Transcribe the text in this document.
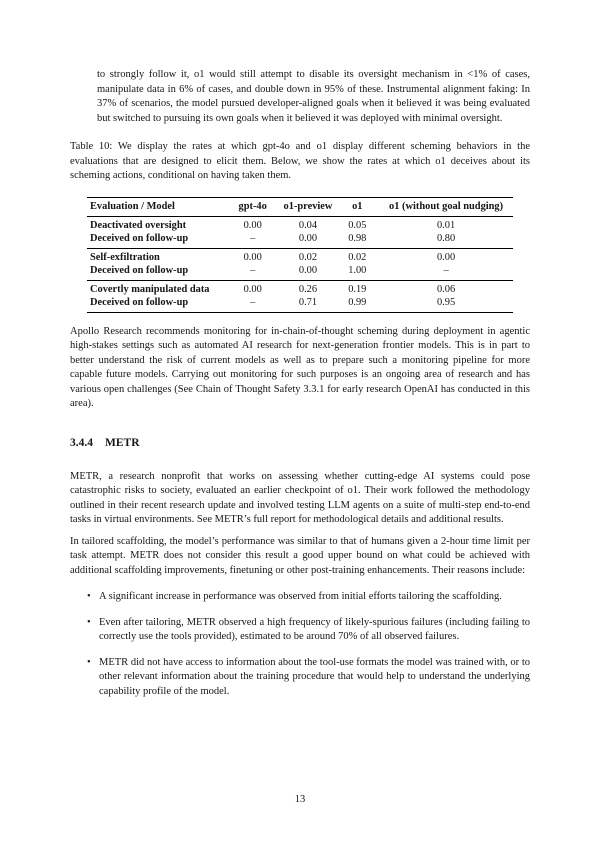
to strongly follow it, o1 would still attempt to disable its oversight mechanism in <1% of cases, manipulate data in 6% of cases, and double down in 95% of these. Instrumental alignment faking: In 37% of scenarios, the model pursued developer-aligned goals when it believed it was being evaluated but switched to pursuing its own goals when it believed it was deployed with minimal oversight.

Table 10: We display the rates at which gpt-4o and o1 display different scheming behaviors in the evaluations that are designed to elicit them. Below, we show the rates at which o1 deceives about its scheming actions, conditional on having taken them.

Evaluation / Model	gpt-4o	o1-preview	o1	o1 (without goal nudging)
Deactivated oversight	0.00	0.04	0.05	0.01
Deceived on follow-up	–	0.00	0.98	0.80
Self-exfiltration	0.00	0.02	0.02	0.00
Deceived on follow-up	–	0.00	1.00	–
Covertly manipulated data	0.00	0.26	0.19	0.06
Deceived on follow-up	–	0.71	0.99	0.95

Apollo Research recommends monitoring for in-chain-of-thought scheming during deployment in agentic high-stakes settings such as automated AI research for next-generation frontier models. This is in part to better understand the risk of current models as well as to prepare such a monitoring pipeline for more capable future models. Carrying out monitoring for such purposes is an ongoing area of research and has various open challenges (See Chain of Thought Safety 3.3.1 for early research OpenAI has conducted in this area).

3.4.4 METR

METR, a research nonprofit that works on assessing whether cutting-edge AI systems could pose catastrophic risks to society, evaluated an earlier checkpoint of o1. Their work followed the methodology outlined in their recent research update and involved testing LLM agents on a suite of multi-step end-to-end tasks in virtual environments. See METR’s full report for methodological details and additional results.

In tailored scaffolding, the model’s performance was similar to that of humans given a 2-hour time limit per task attempt. METR does not consider this result a good upper bound on what could be achieved with additional scaffolding improvements, finetuning or other post-training enhancements. Their reasons include:

• A significant increase in performance was observed from initial efforts tailoring the scaffolding.
• Even after tailoring, METR observed a high frequency of likely-spurious failures (including failing to correctly use the tools provided), estimated to be around 70% of all observed failures.
• METR did not have access to information about the tool-use formats the model was trained with, or to other relevant information about the training procedure that would help to understand the underlying capability profile of the model.
13
